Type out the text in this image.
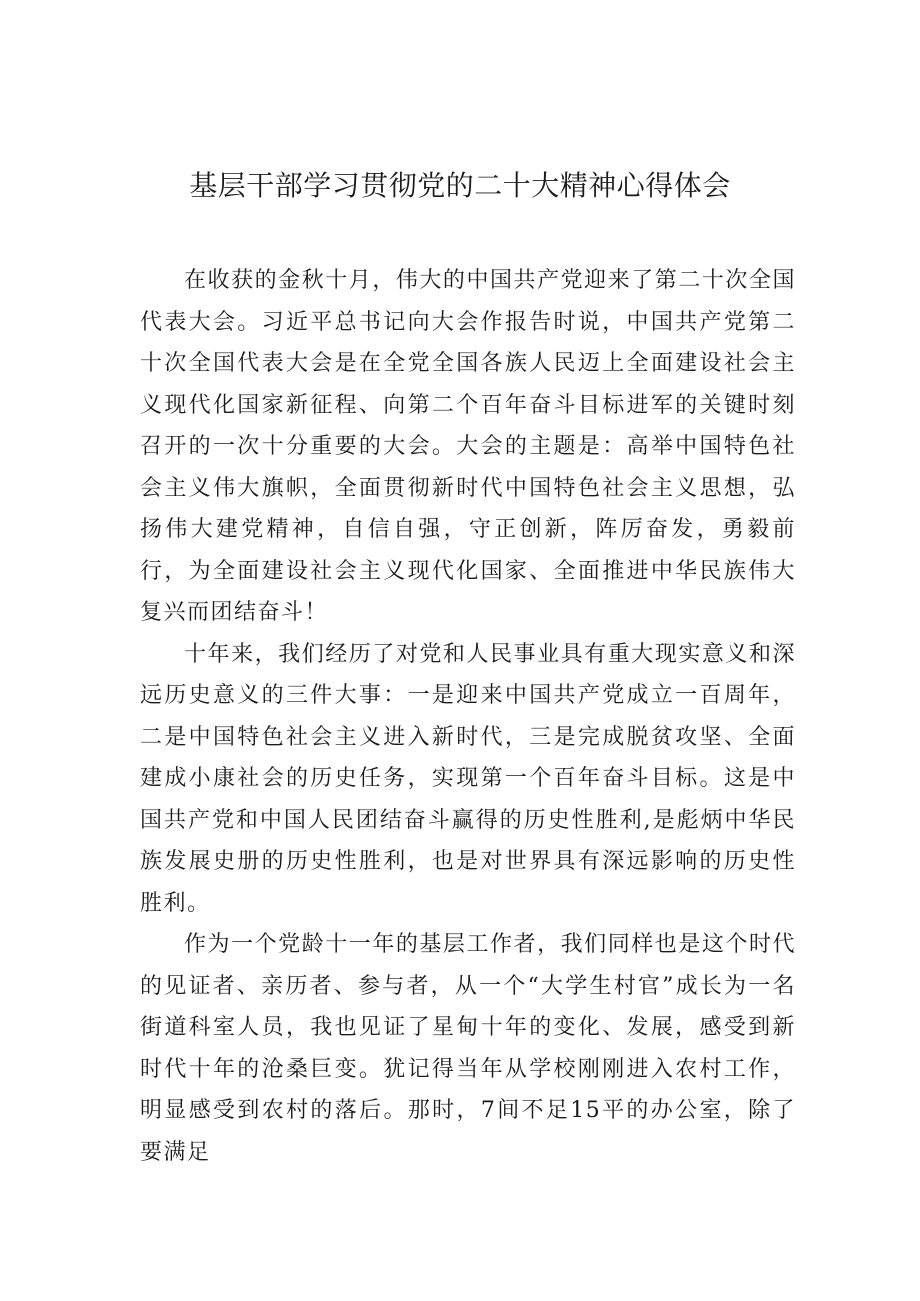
基层干部学习贯彻党的二十大精神心得体会

在收获的金秋十月，伟大的中国共产党迎来了第二十次全国代表大会。习近平总书记向大会作报告时说，中国共产党第二十次全国代表大会是在全党全国各族人民迈上全面建设社会主义现代化国家新征程、向第二个百年奋斗目标进军的关键时刻召开的一次十分重要的大会。大会的主题是：高举中国特色社会主义伟大旗帜，全面贯彻新时代中国特色社会主义思想，弘扬伟大建党精神，自信自强，守正创新，阵厉奋发，勇毅前行，为全面建设社会主义现代化国家、全面推进中华民族伟大复兴而团结奋斗！

十年来，我们经历了对党和人民事业具有重大现实意义和深远历史意义的三件大事：一是迎来中国共产党成立一百周年，二是中国特色社会主义进入新时代，三是完成脱贫攻坚、全面建成小康社会的历史任务，实现第一个百年奋斗目标。这是中国共产党和中国人民团结奋斗赢得的历史性胜利,是彪炳中华民族发展史册的历史性胜利，也是对世界具有深远影响的历史性胜利。

作为一个党龄十一年的基层工作者，我们同样也是这个时代的见证者、亲历者、参与者，从一个“大学生村官”成长为一名街道科室人员，我也见证了星甸十年的变化、发展，感受到新时代十年的沧桑巨变。犹记得当年从学校刚刚进入农村工作，明显感受到农村的落后。那时，7间不足15平的办公室，除了要满足
